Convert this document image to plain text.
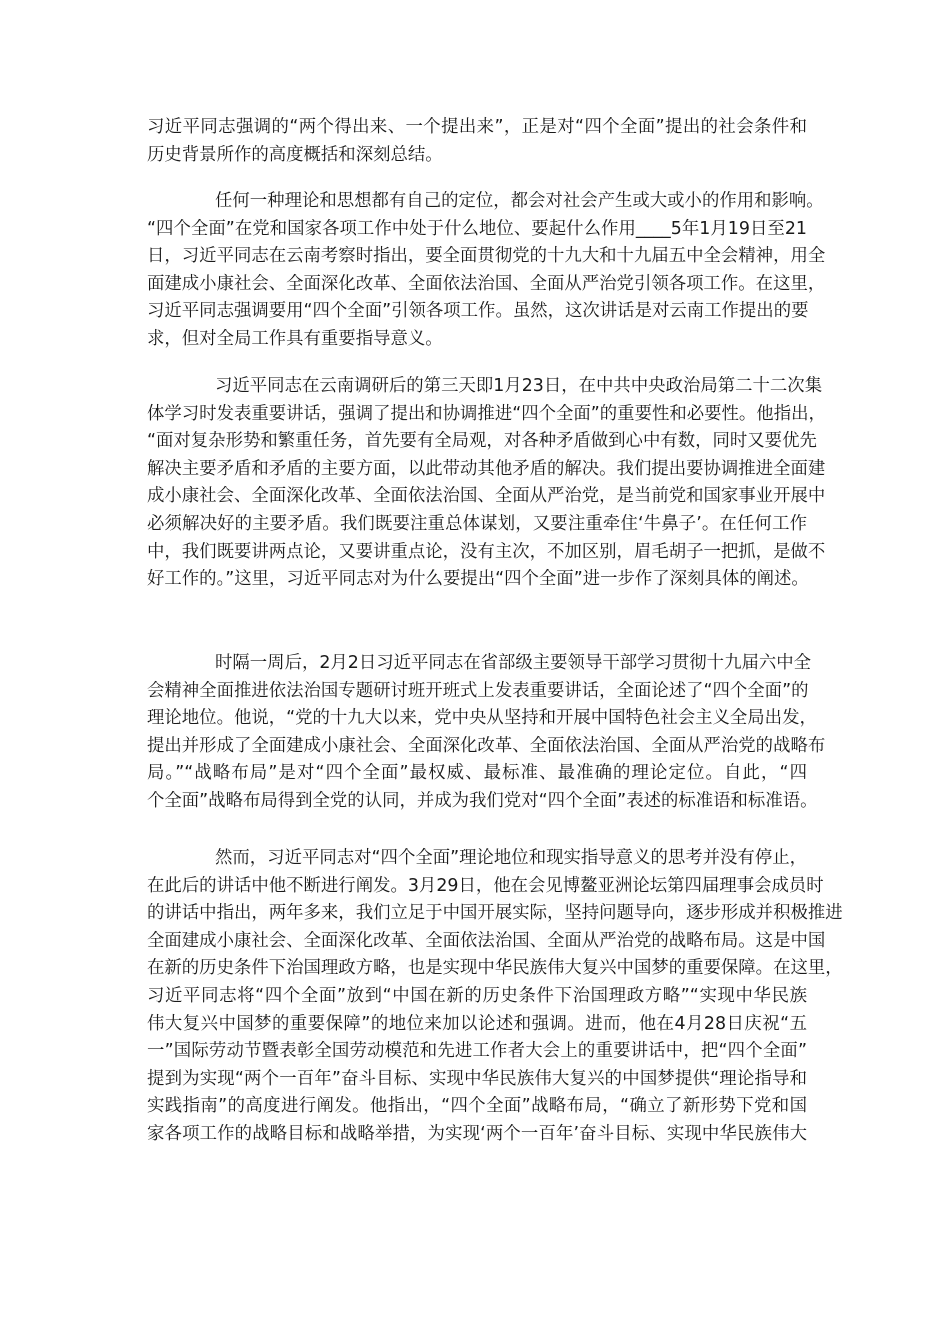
习近平同志强调的“两个得出来、一个提出来”，正是对“四个全面”提出的社会条件和
历史背景所作的高度概括和深刻总结。
任何一种理论和思想都有自己的定位，都会对社会产生或大或小的作用和影响。
“四个全面”在党和国家各项工作中处于什么地位、要起什么作用____5年1月19日至21
日，习近平同志在云南考察时指出，要全面贯彻党的十九大和十九届五中全会精神，用全
面建成小康社会、全面深化改革、全面依法治国、全面从严治党引领各项工作。在这里，
习近平同志强调要用“四个全面”引领各项工作。虽然，这次讲话是对云南工作提出的要
求，但对全局工作具有重要指导意义。
习近平同志在云南调研后的第三天即1月23日，在中共中央政治局第二十二次集
体学习时发表重要讲话，强调了提出和协调推进“四个全面”的重要性和必要性。他指出，
“面对复杂形势和繁重任务，首先要有全局观，对各种矛盾做到心中有数，同时又要优先
解决主要矛盾和矛盾的主要方面，以此带动其他矛盾的解决。我们提出要协调推进全面建
成小康社会、全面深化改革、全面依法治国、全面从严治党，是当前党和国家事业开展中
必须解决好的主要矛盾。我们既要注重总体谋划，又要注重牵住‘牛鼻子’。在任何工作
中，我们既要讲两点论，又要讲重点论，没有主次，不加区别，眉毛胡子一把抓，是做不
好工作的。”这里，习近平同志对为什么要提出“四个全面”进一步作了深刻具体的阐述。
时隔一周后，2月2日习近平同志在省部级主要领导干部学习贯彻十九届六中全
会精神全面推进依法治国专题研讨班开班式上发表重要讲话，全面论述了“四个全面”的
理论地位。他说，“党的十九大以来，党中央从坚持和开展中国特色社会主义全局出发，
提出并形成了全面建成小康社会、全面深化改革、全面依法治国、全面从严治党的战略布
局。”“战略布局”是对“四个全面”最权威、最标准、最准确的理论定位。自此，“四
个全面”战略布局得到全党的认同，并成为我们党对“四个全面”表述的标准语和标准语。
然而，习近平同志对“四个全面”理论地位和现实指导意义的思考并没有停止，
在此后的讲话中他不断进行阐发。3月29日，他在会见博鳌亚洲论坛第四届理事会成员时
的讲话中指出，两年多来，我们立足于中国开展实际，坚持问题导向，逐步形成并积极推进
全面建成小康社会、全面深化改革、全面依法治国、全面从严治党的战略布局。这是中国
在新的历史条件下治国理政方略，也是实现中华民族伟大复兴中国梦的重要保障。在这里，
习近平同志将“四个全面”放到“中国在新的历史条件下治国理政方略”“实现中华民族
伟大复兴中国梦的重要保障”的地位来加以论述和强调。进而，他在4月28日庆祝“五
一”国际劳动节暨表彰全国劳动模范和先进工作者大会上的重要讲话中，把“四个全面”
提到为实现“两个一百年”奋斗目标、实现中华民族伟大复兴的中国梦提供“理论指导和
实践指南”的高度进行阐发。他指出，“四个全面”战略布局，“确立了新形势下党和国
家各项工作的战略目标和战略举措，为实现‘两个一百年’奋斗目标、实现中华民族伟大
